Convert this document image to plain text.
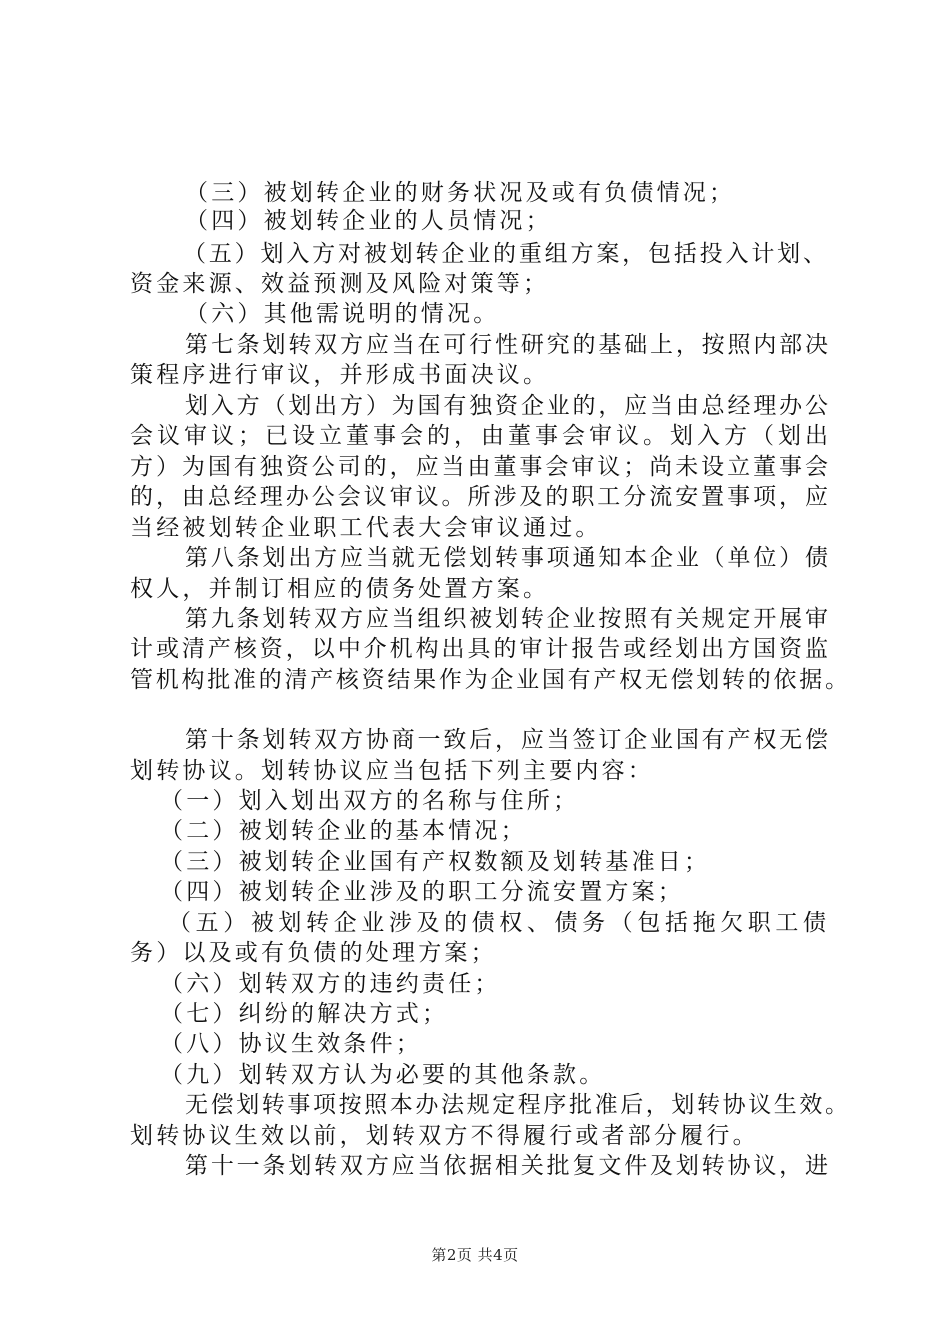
（三）被划转企业的财务状况及或有负债情况；
（四）被划转企业的人员情况；
（五）划入方对被划转企业的重组方案，包括投入计划、
资金来源、效益预测及风险对策等；
（六）其他需说明的情况。
第七条划转双方应当在可行性研究的基础上，按照内部决
策程序进行审议，并形成书面决议。
划入方（划出方）为国有独资企业的，应当由总经理办公
会议审议；已设立董事会的，由董事会审议。划入方（划出
方）为国有独资公司的，应当由董事会审议；尚未设立董事会
的，由总经理办公会议审议。所涉及的职工分流安置事项，应
当经被划转企业职工代表大会审议通过。
第八条划出方应当就无偿划转事项通知本企业（单位）债
权人，并制订相应的债务处置方案。
第九条划转双方应当组织被划转企业按照有关规定开展审
计或清产核资，以中介机构出具的审计报告或经划出方国资监
管机构批准的清产核资结果作为企业国有产权无偿划转的依据。
第十条划转双方协商一致后，应当签订企业国有产权无偿
划转协议。划转协议应当包括下列主要内容：
（一）划入划出双方的名称与住所；
（二）被划转企业的基本情况；
（三）被划转企业国有产权数额及划转基准日；
（四）被划转企业涉及的职工分流安置方案；
（五）被划转企业涉及的债权、债务（包括拖欠职工债
务）以及或有负债的处理方案；
（六）划转双方的违约责任；
（七）纠纷的解决方式；
（八）协议生效条件；
（九）划转双方认为必要的其他条款。
无偿划转事项按照本办法规定程序批准后，划转协议生效。
划转协议生效以前，划转双方不得履行或者部分履行。
第十一条划转双方应当依据相关批复文件及划转协议，进
第2页 共4页
